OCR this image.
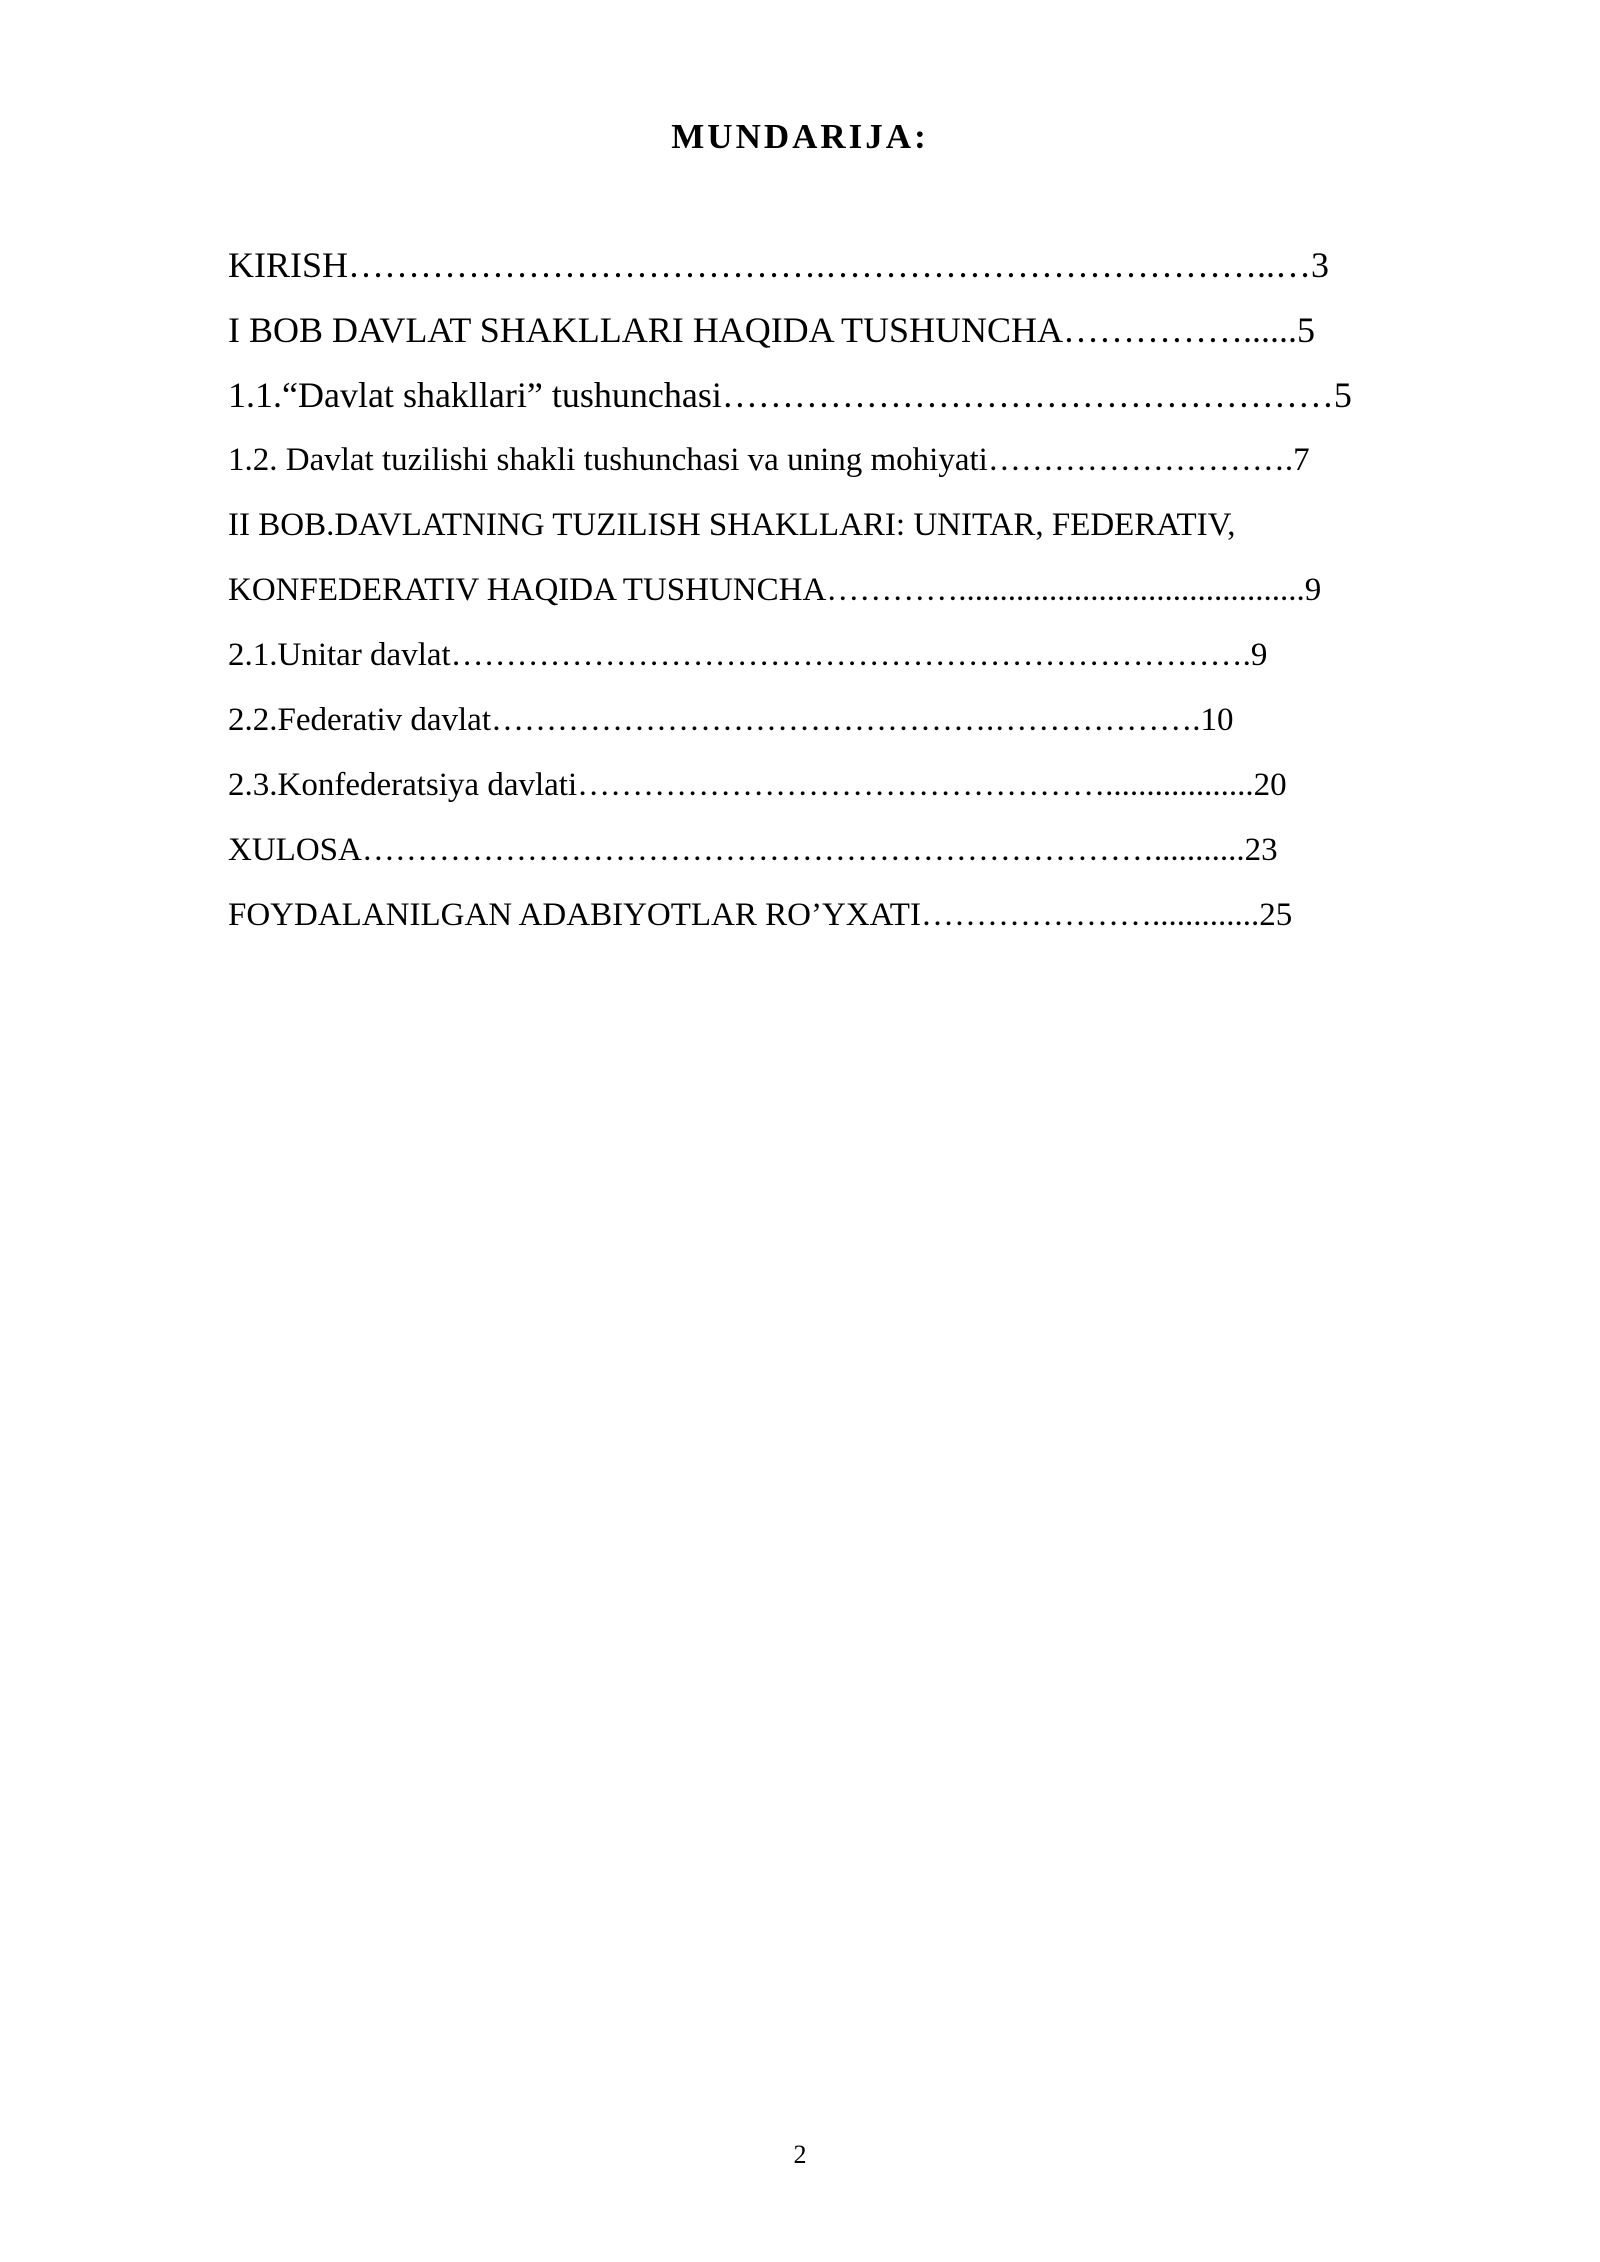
MUNDARIJA:
KIRISH………………………………….………………………………..…3
I BOB DAVLAT SHAKLLARI HAQIDA TUSHUNCHA……………......5
1.1.“Davlat shakllari” tushunchasi……………………………………………5
1.2. Davlat tuzilishi shakli tushunchasi va uning mohiyati……………………….7
II BOB.DAVLATNING TUZILISH SHAKLLARI: UNITAR, FEDERATIV,
KONFEDERATIV HAQIDA TUSHUNCHA…………..........................................9
2.1.Unitar davlat……………………………………………………………….9
2.2.Federativ davlat……………………………………….……………….10
2.3.Konfederatsiya davlati…………………………………………..................20
XULOSA………………………………………………………………...........23
FOYDALANILGAN ADABIYOTLAR RO’YXATI………………….............25
2
